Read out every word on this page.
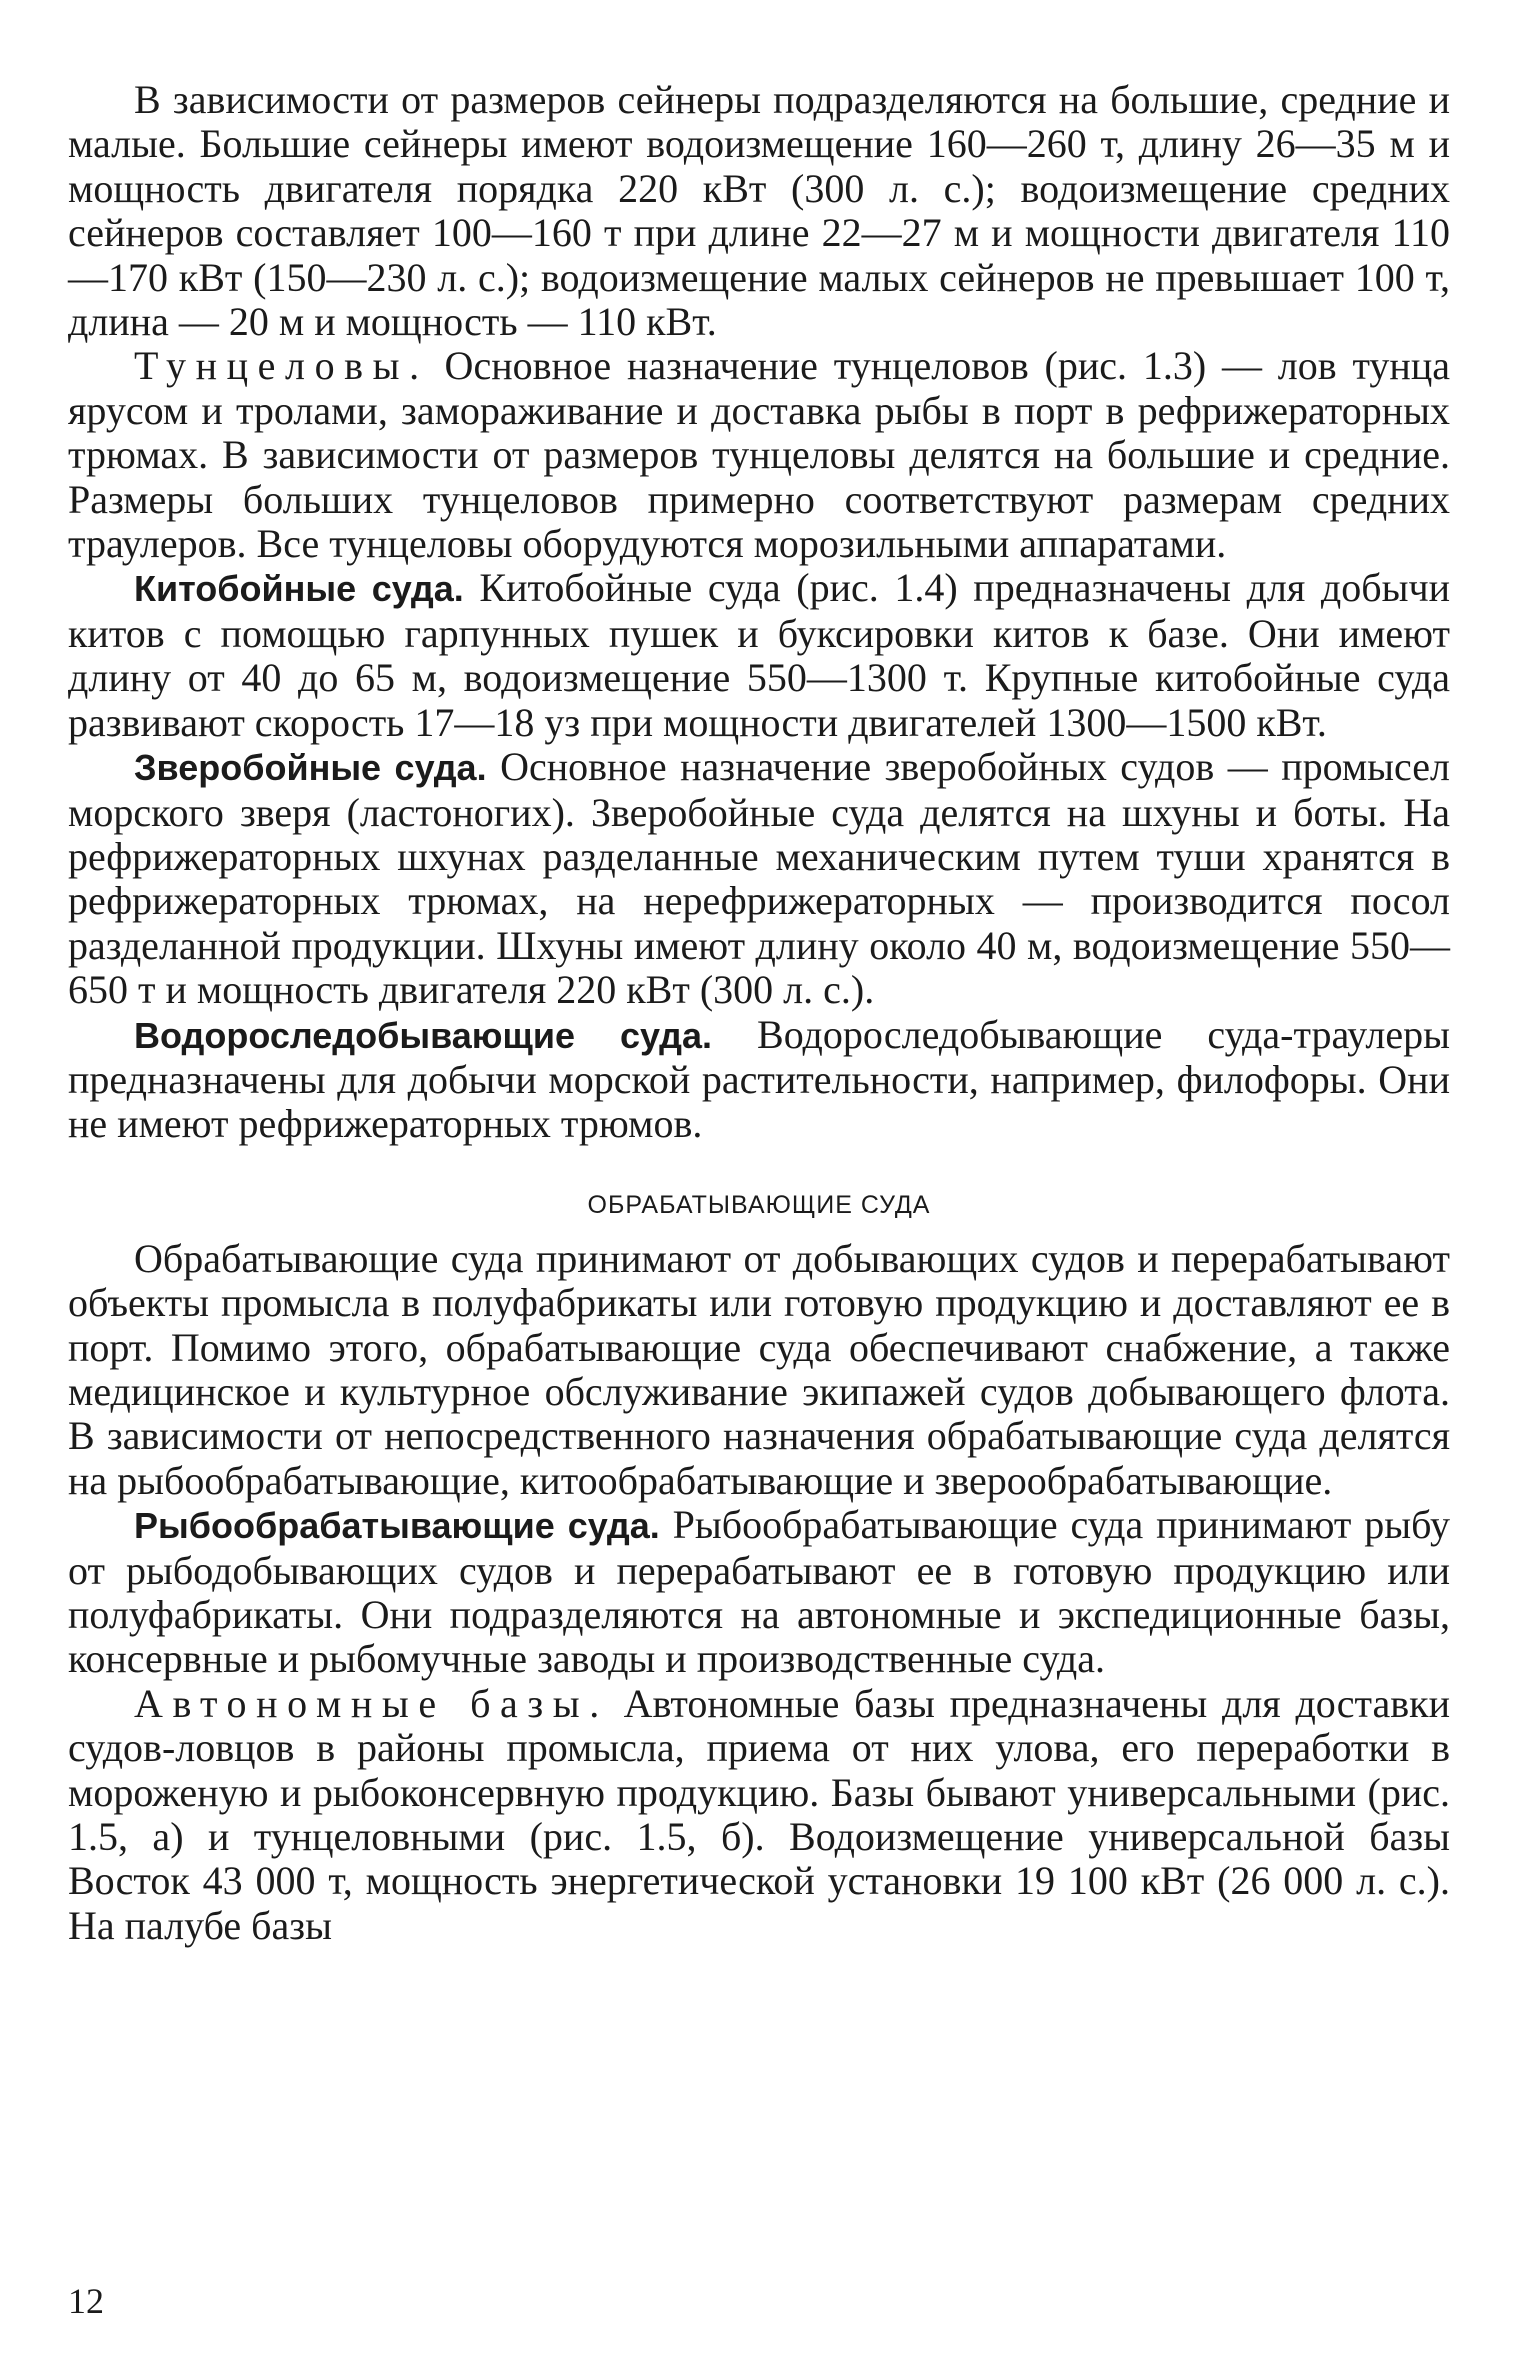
В зависимости от размеров сейнеры подразделяются на большие, средние и малые. Большие сейнеры имеют водоизмещение 160—260 т, длину 26—35 м и мощность двигателя порядка 220 кВт (300 л. с.); водоизмещение средних сейнеров составляет 100—160 т при длине 22—27 м и мощности двигателя 110—170 кВт (150—230 л. с.); водоизмещение малых сейнеров не превышает 100 т, длина — 20 м и мощность — 110 кВт.

Тунцеловы. Основное назначение тунцеловов (рис. 1.3) — лов тунца ярусом и тролами, замораживание и доставка рыбы в порт в рефрижераторных трюмах. В зависимости от размеров тунцеловы делятся на большие и средние. Размеры больших тунцеловов примерно соответствуют размерам средних траулеров. Все тунцеловы оборудуются морозильными аппаратами.

Китобойные суда. Китобойные суда (рис. 1.4) предназначены для добычи китов с помощью гарпунных пушек и буксировки китов к базе. Они имеют длину от 40 до 65 м, водоизмещение 550—1300 т. Крупные китобойные суда развивают скорость 17—18 уз при мощности двигателей 1300—1500 кВт.

Зверобойные суда. Основное назначение зверобойных судов — промысел морского зверя (ластоногих). Зверобойные суда делятся на шхуны и боты. На рефрижераторных шхунах разделанные механическим путем туши хранятся в рефрижераторных трюмах, на нерефрижераторных — производится посол разделанной продукции. Шхуны имеют длину около 40 м, водоизмещение 550—650 т и мощность двигателя 220 кВт (300 л. с.).

Водороследобывающие суда. Водороследобывающие суда-траулеры предназначены для добычи морской растительности, например, филофоры. Они не имеют рефрижераторных трюмов.

ОБРАБАТЫВАЮЩИЕ СУДА

Обрабатывающие суда принимают от добывающих судов и перерабатывают объекты промысла в полуфабрикаты или готовую продукцию и доставляют ее в порт. Помимо этого, обрабатывающие суда обеспечивают снабжение, а также медицинское и культурное обслуживание экипажей судов добывающего флота. В зависимости от непосредственного назначения обрабатывающие суда делятся на рыбообрабатывающие, китообрабатывающие и зверообрабатывающие.

Рыбообрабатывающие суда. Рыбообрабатывающие суда принимают рыбу от рыбодобывающих судов и перерабатывают ее в готовую продукцию или полуфабрикаты. Они подразделяются на автономные и экспедиционные базы, консервные и рыбомучные заводы и производственные суда.

Автономные базы. Автономные базы предназначены для доставки судов-ловцов в районы промысла, приема от них улова, его переработки в мороженую и рыбоконсервную продукцию. Базы бывают универсальными (рис. 1.5, а) и тунцеловными (рис. 1.5, б). Водоизмещение универсальной базы Восток 43 000 т, мощность энергетической установки 19 100 кВт (26 000 л. с.). На палубе базы

12
